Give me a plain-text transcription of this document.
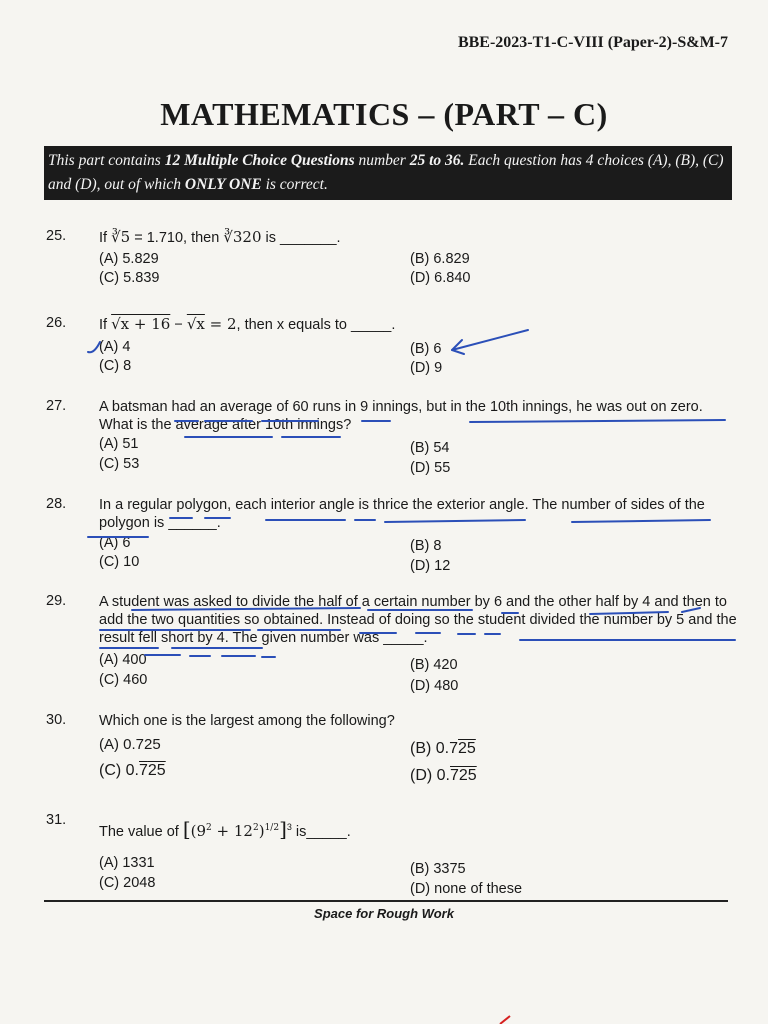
BBE-2023-T1-C-VIII (Paper-2)-S&M-7
MATHEMATICS – (PART – C)
This part contains 12 Multiple Choice Questions number 25 to 36. Each question has 4 choices (A), (B), (C) and (D), out of which ONLY ONE is correct.
25.	If ∛5 = 1.710, then ∛320 is _______.
(A) 5.829	(B) 6.829
(C) 5.839	(D) 6.840
26.	If √x + 16 − √x = 2, then x equals to _____.
(A) 4	(B) 6
(C) 8	(D) 9
27.	A batsman had an average of 60 runs in 9 innings, but in the 10th innings, he was out on zero. What is the average after 10th innings?
(A) 51	(B) 54
(C) 53	(D) 55
28.	In a regular polygon, each interior angle is thrice the exterior angle. The number of sides of the polygon is ______.
(A) 6	(B) 8
(C) 10	(D) 12
29.	A student was asked to divide the half of a certain number by 6 and the other half by 4 and then to add the two quantities so obtained. Instead of doing so the student divided the number by 5 and the result fell short by 4. The given number was _____.
(A) 400	(B) 420
(C) 460	(D) 480
30.	Which one is the largest among the following?
(A) 0.725	(B) 0.725
(C) 0.725	(D) 0.725
31.
The value of $[(9^2 + 12^2)^{1/2}]^3$ is_____.
(A) 1331	(B) 3375
(C) 2048	(D) none of these
Space for Rough Work
